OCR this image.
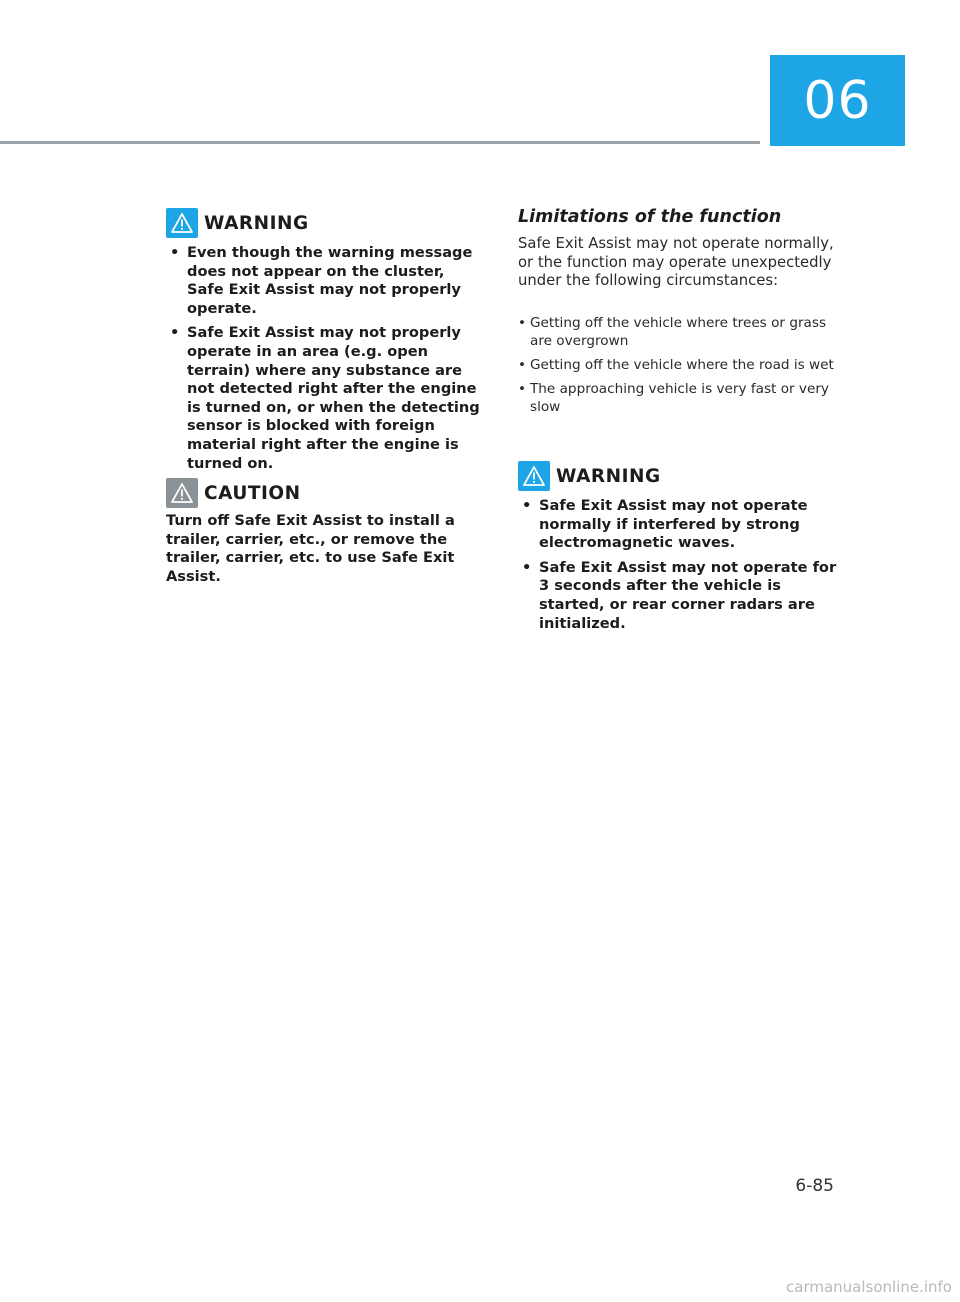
06
WARNING
• Even though the warning message does not appear on the cluster, Safe Exit Assist may not properly operate.
• Safe Exit Assist may not properly operate in an area (e.g. open terrain) where any substance are not detected right after the engine is turned on, or when the detecting sensor is blocked with foreign material right after the engine is turned on.
CAUTION

Turn off Safe Exit Assist to install a trailer, carrier, etc., or remove the trailer, carrier, etc. to use Safe Exit Assist.

Limitations of the function

Safe Exit Assist may not operate normally, or the function may operate unexpectedly under the following circumstances:

• Getting off the vehicle where trees or grass are overgrown
• Getting off the vehicle where the road is wet
• The approaching vehicle is very fast or very slow
WARNING
• Safe Exit Assist may not operate normally if interfered by strong electromagnetic waves.
• Safe Exit Assist may not operate for 3 seconds after the vehicle is started, or rear corner radars are initialized.
6-85
carmanualsonline.info
